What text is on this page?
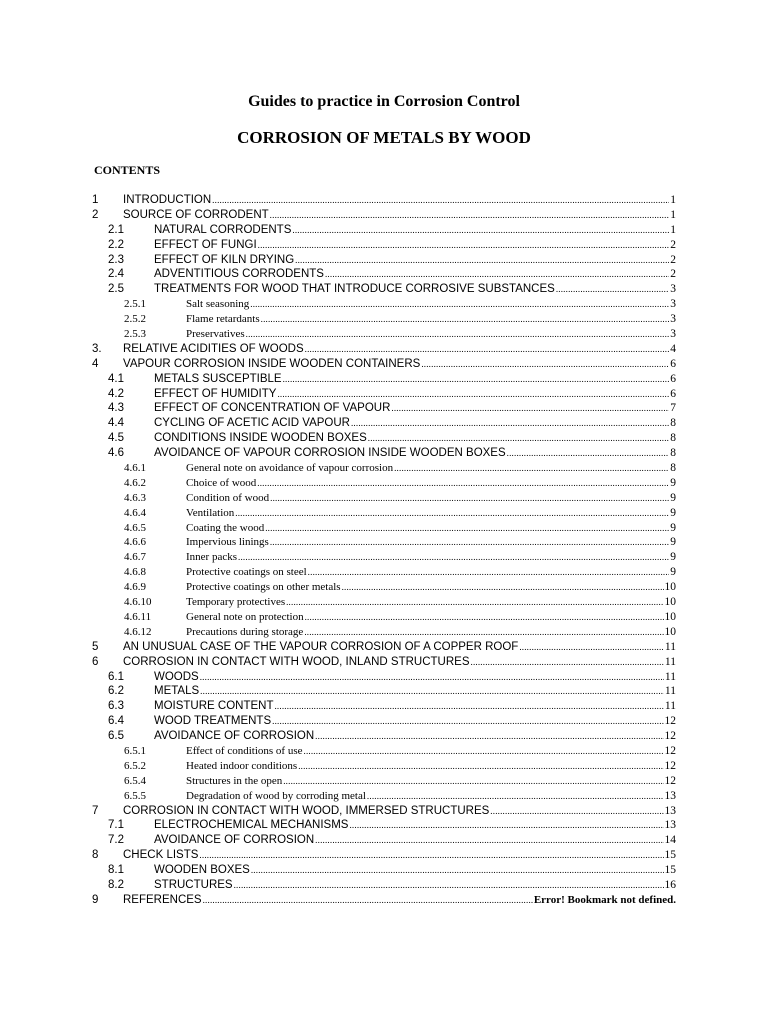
Guides to practice in Corrosion Control
CORROSION OF METALS BY WOOD
CONTENTS
1 INTRODUCTION .....	1
2 SOURCE OF CORRODENT .....	1
2.1	NATURAL CORRODENTS .....	1
2.2	EFFECT OF FUNGI .....	2
2.3	EFFECT OF KILN DRYING .....	2
2.4	ADVENTITIOUS CORRODENTS .....	2
2.5	TREATMENTS FOR WOOD THAT INTRODUCE CORROSIVE SUBSTANCES .....	3
2.5.1	Salt seasoning .....	3
2.5.2	Flame retardants .....	3
2.5.3	Preservatives .....	3
3. RELATIVE ACIDITIES OF WOODS .....	4
4 VAPOUR CORROSION INSIDE WOODEN CONTAINERS .....	6
4.1	METALS SUSCEPTIBLE .....	6
4.2	EFFECT OF HUMIDITY .....	6
4.3	EFFECT OF CONCENTRATION OF VAPOUR .....	7
4.4	CYCLING OF ACETIC ACID VAPOUR .....	8
4.5	CONDITIONS INSIDE WOODEN BOXES .....	8
4.6	AVOIDANCE OF VAPOUR CORROSION INSIDE WOODEN BOXES .....	8
4.6.1	General note on avoidance of vapour corrosion .....	8
4.6.2	Choice of wood .....	9
4.6.3	Condition of wood .....	9
4.6.4	Ventilation .....	9
4.6.5	Coating the wood .....	9
4.6.6	Impervious linings .....	9
4.6.7	Inner packs .....	9
4.6.8	Protective coatings on steel .....	9
4.6.9	Protective coatings on other metals .....	10
4.6.10	Temporary protectives .....	10
4.6.11	General note on protection .....	10
4.6.12	Precautions during storage .....	10
5 AN UNUSUAL CASE OF THE VAPOUR CORROSION OF A COPPER ROOF .....	11
6 CORROSION IN CONTACT WITH WOOD, INLAND STRUCTURES .....	11
6.1	WOODS .....	11
6.2	METALS .....	11
6.3	MOISTURE CONTENT .....	11
6.4	WOOD TREATMENTS .....	12
6.5	AVOIDANCE OF CORROSION .....	12
6.5.1	Effect of conditions of use .....	12
6.5.2	Heated indoor conditions .....	12
6.5.4	Structures in the open .....	12
6.5.5	Degradation of wood by corroding metal .....	13
7 CORROSION IN CONTACT WITH WOOD, IMMERSED STRUCTURES .....	13
7.1	ELECTROCHEMICAL MECHANISMS .....	13
7.2	AVOIDANCE OF CORROSION .....	14
8 CHECK LISTS .....	15
8.1	WOODEN BOXES .....	15
8.2	STRUCTURES .....	16
9 REFERENCES .....	Error! Bookmark not defined.
